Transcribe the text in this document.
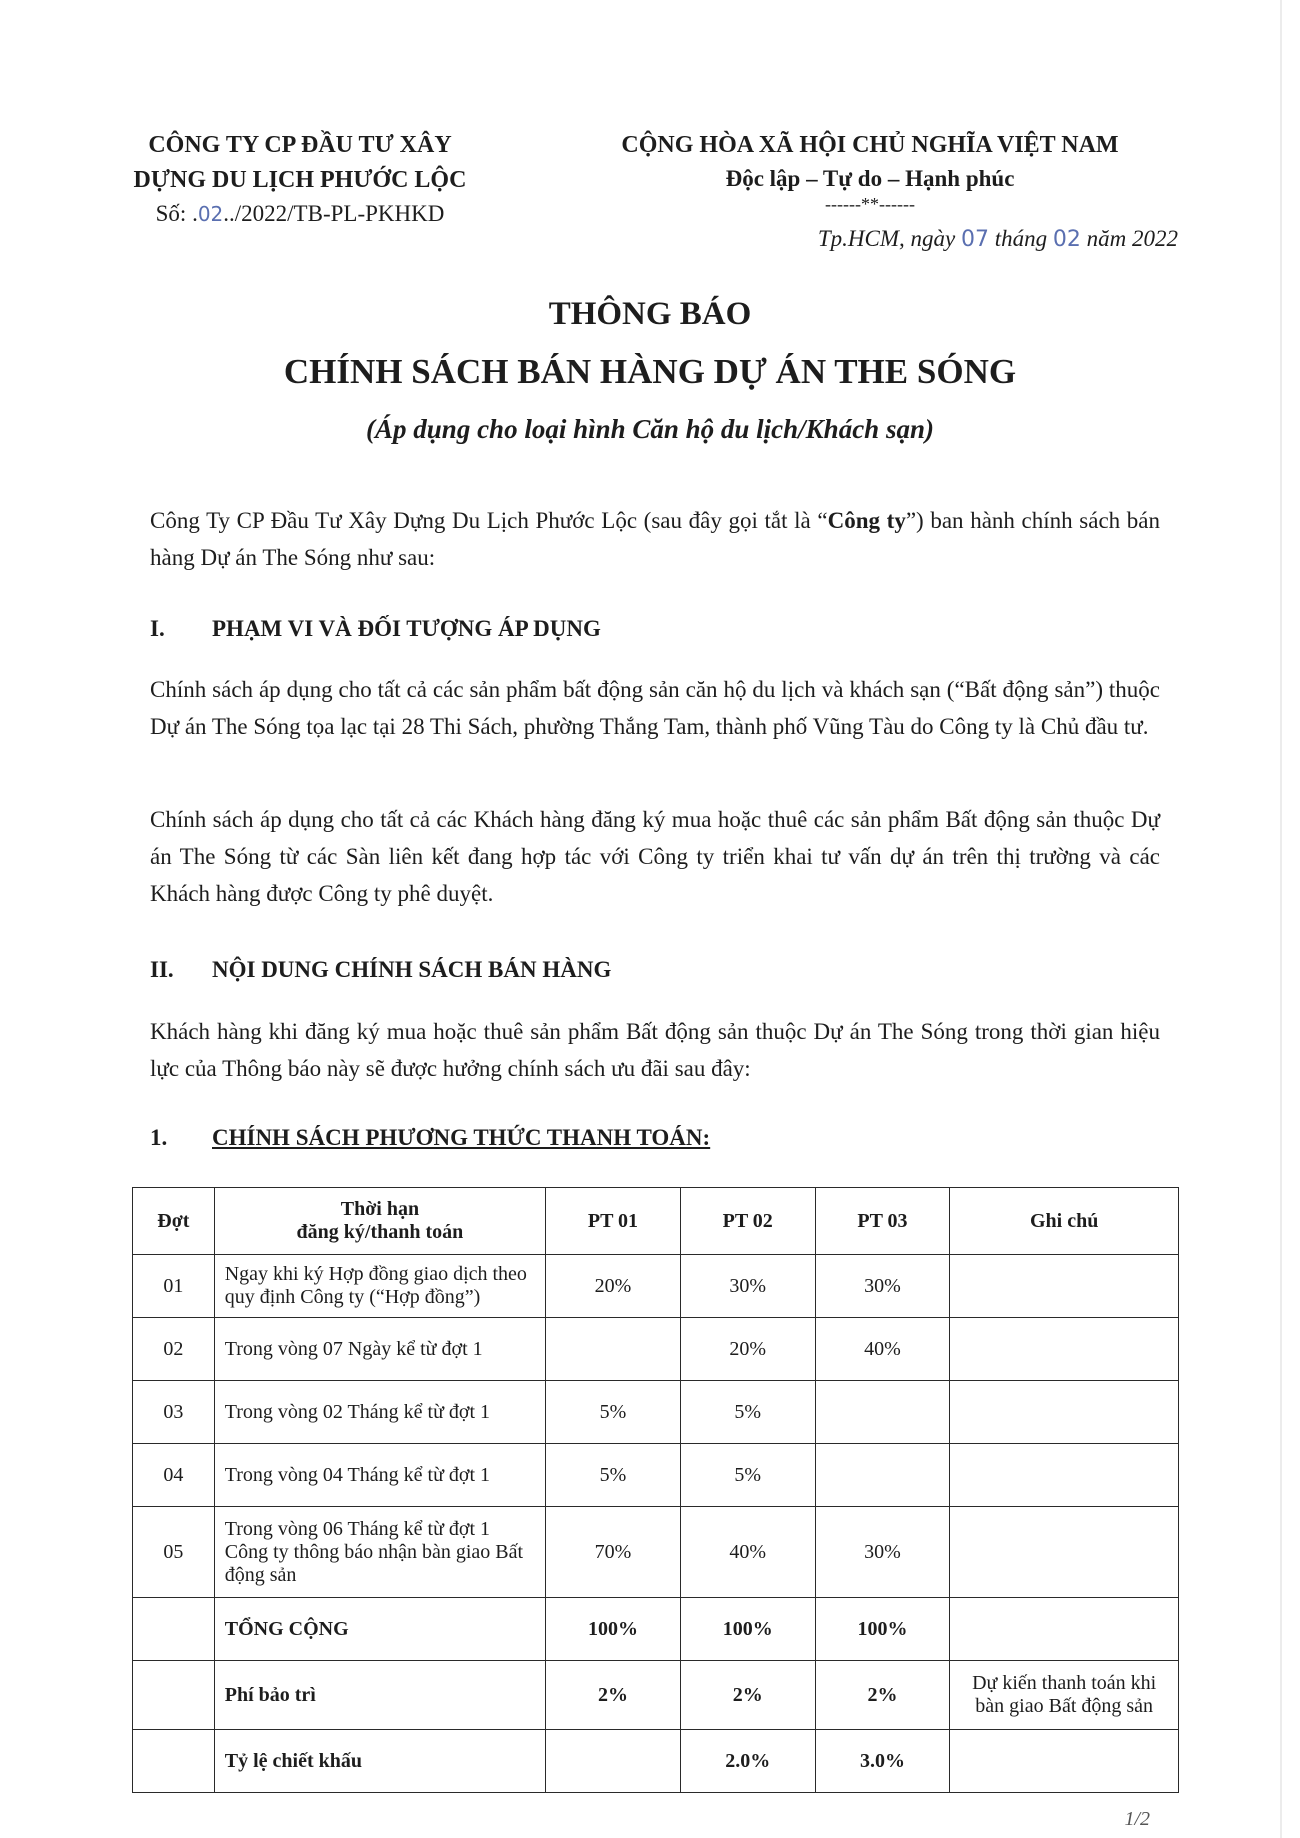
CÔNG TY CP ĐẦU TƯ XÂY
DỰNG DU LỊCH PHƯỚC LỘC
Số: .02../2022/TB-PL-PKHKD
CỘNG HÒA XÃ HỘI CHỦ NGHĨA VIỆT NAM
Độc lập – Tự do – Hạnh phúc
------**------
Tp.HCM, ngày 07 tháng 02 năm 2022
THÔNG BÁO
CHÍNH SÁCH BÁN HÀNG DỰ ÁN THE SÓNG
(Áp dụng cho loại hình Căn hộ du lịch/Khách sạn)
Công Ty CP Đầu Tư Xây Dựng Du Lịch Phước Lộc (sau đây gọi tắt là “Công ty”) ban hành chính sách bán hàng Dự án The Sóng như sau:
I. PHẠM VI VÀ ĐỐI TƯỢNG ÁP DỤNG
Chính sách áp dụng cho tất cả các sản phẩm bất động sản căn hộ du lịch và khách sạn (“Bất động sản”) thuộc Dự án The Sóng tọa lạc tại 28 Thi Sách, phường Thắng Tam, thành phố Vũng Tàu do Công ty là Chủ đầu tư.
Chính sách áp dụng cho tất cả các Khách hàng đăng ký mua hoặc thuê các sản phẩm Bất động sản thuộc Dự án The Sóng từ các Sàn liên kết đang hợp tác với Công ty triển khai tư vấn dự án trên thị trường và các Khách hàng được Công ty phê duyệt.
II. NỘI DUNG CHÍNH SÁCH BÁN HÀNG
Khách hàng khi đăng ký mua hoặc thuê sản phẩm Bất động sản thuộc Dự án The Sóng trong thời gian hiệu lực của Thông báo này sẽ được hưởng chính sách ưu đãi sau đây:
1. CHÍNH SÁCH PHƯƠNG THỨC THANH TOÁN:
Đợt	Thời hạn
đăng ký/thanh toán	PT 01	PT 02	PT 03	Ghi chú
01	Ngay khi ký Hợp đồng giao dịch theo
quy định Công ty (“Hợp đồng”)	20%	30%	30%	
02	Trong vòng 07 Ngày kể từ đợt 1		20%	40%	
03	Trong vòng 02 Tháng kể từ đợt 1	5%	5%		
04	Trong vòng 04 Tháng kể từ đợt 1	5%	5%		
05	Trong vòng 06 Tháng kể từ đợt 1
Công ty thông báo nhận bàn giao Bất
động sản	70%	40%	30%	
	TỔNG CỘNG	100%	100%	100%	
	Phí bảo trì	2%	2%	2%	Dự kiến thanh toán khi
bàn giao Bất động sản
	Tỷ lệ chiết khấu		2.0%	3.0%	
1/2
